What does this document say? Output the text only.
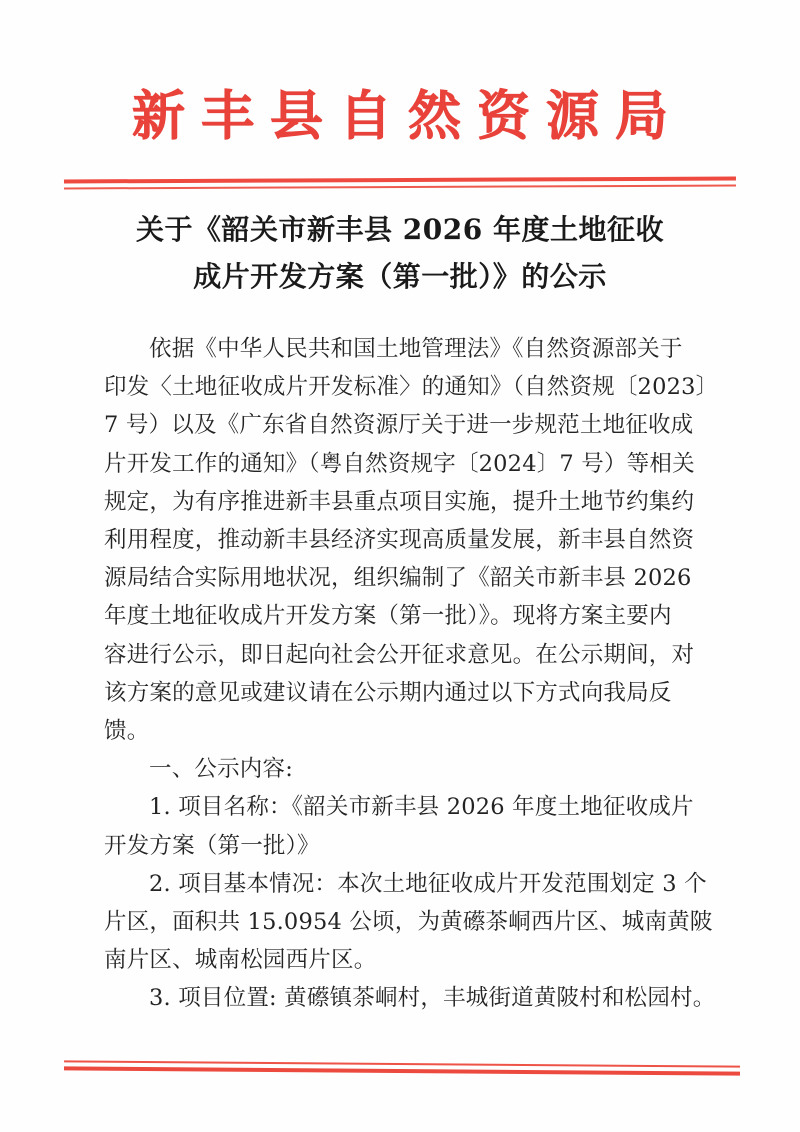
新丰县自然资源局
关于《韶关市新丰县 2026 年度土地征收
成片开发方案（第一批）》的公示

依据《中华人民共和国土地管理法》《自然资源部关于
印发〈土地征收成片开发标准〉的通知》（自然资规〔2023〕
7 号）以及《广东省自然资源厅关于进一步规范土地征收成
片开发工作的通知》（粤自然资规字〔2024〕7 号）等相关
规定，为有序推进新丰县重点项目实施，提升土地节约集约
利用程度，推动新丰县经济实现高质量发展，新丰县自然资
源局结合实际用地状况，组织编制了《韶关市新丰县 2026
年度土地征收成片开发方案（第一批）》。现将方案主要内
容进行公示，即日起向社会公开征求意见。在公示期间，对
该方案的意见或建议请在公示期内通过以下方式向我局反
馈。

一、公示内容:

1. 项目名称：《韶关市新丰县 2026 年度土地征收成片
开发方案（第一批）》

2. 项目基本情况：本次土地征收成片开发范围划定 3 个
片区，面积共 15.0954 公顷，为黄礤茶峒西片区、城南黄陂
南片区、城南松园西片区。

3. 项目位置: 黄礤镇茶峒村，丰城街道黄陂村和松园村。
